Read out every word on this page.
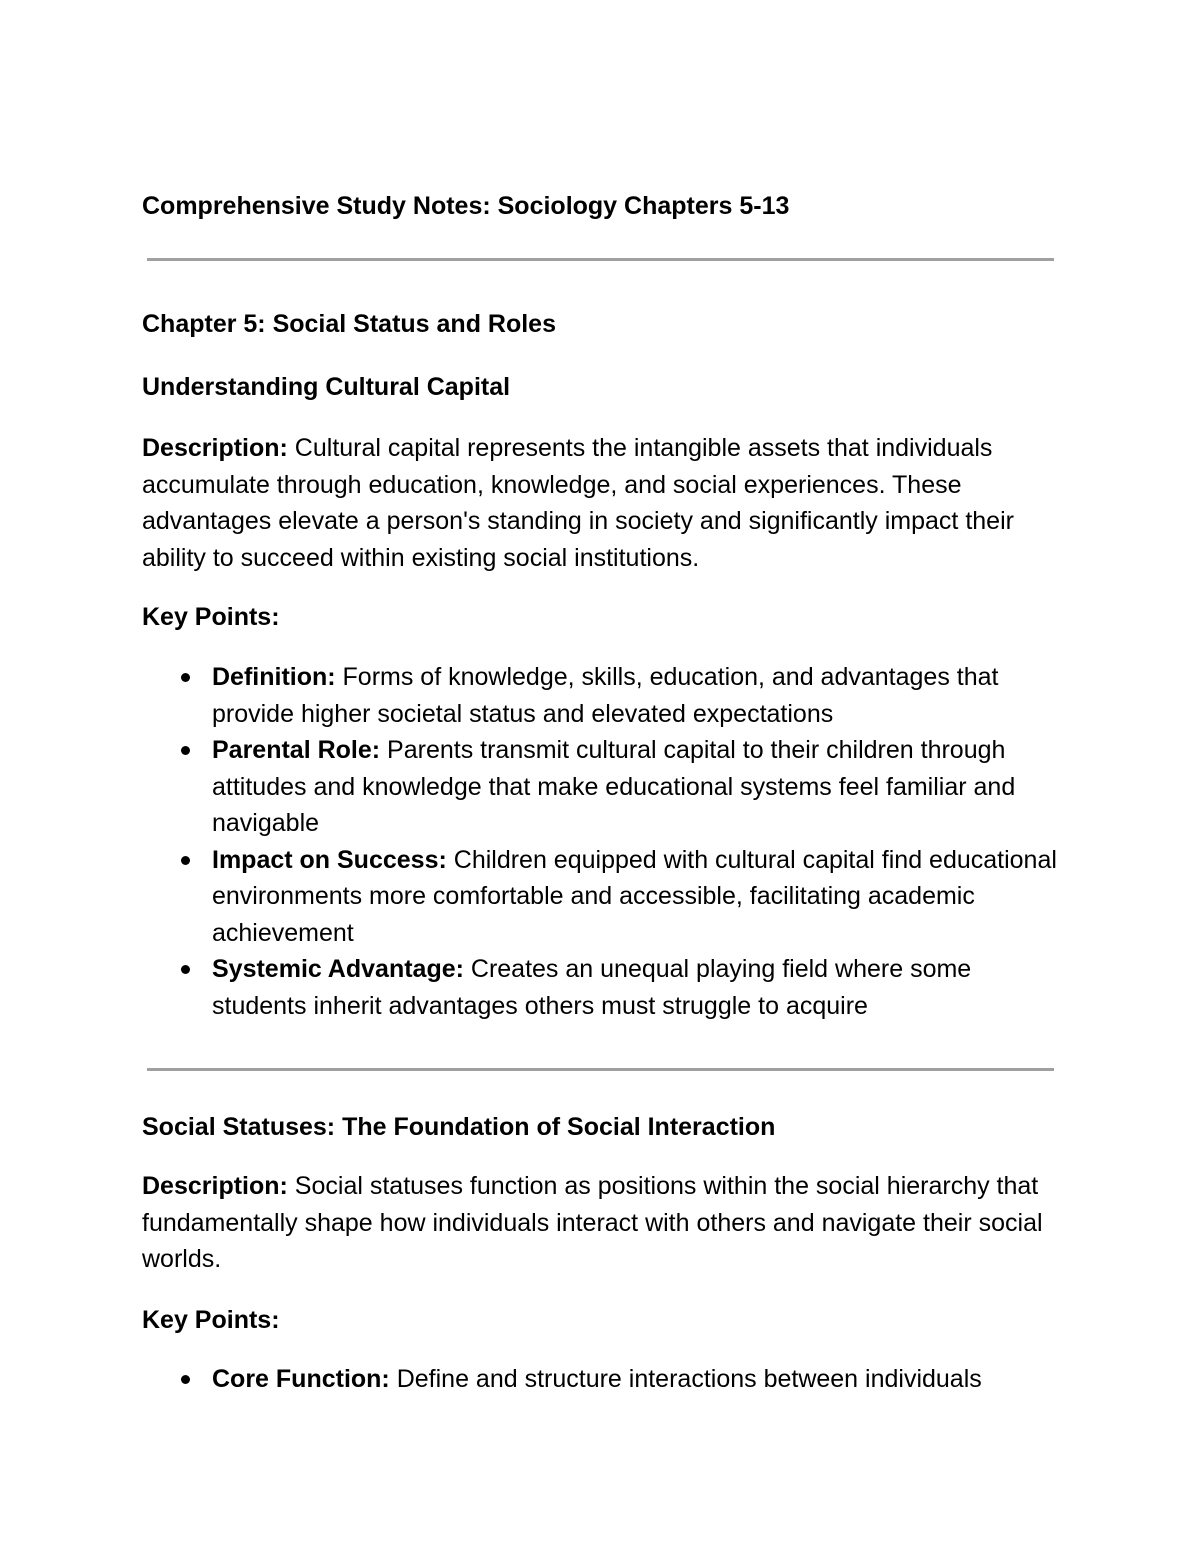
Comprehensive Study Notes: Sociology Chapters 5-13
Chapter 5: Social Status and Roles
Understanding Cultural Capital

Description: Cultural capital represents the intangible assets that individuals accumulate through education, knowledge, and social experiences. These advantages elevate a person's standing in society and significantly impact their ability to succeed within existing social institutions.

Key Points:
Definition: Forms of knowledge, skills, education, and advantages that provide higher societal status and elevated expectations
Parental Role: Parents transmit cultural capital to their children through attitudes and knowledge that make educational systems feel familiar and navigable
Impact on Success: Children equipped with cultural capital find educational environments more comfortable and accessible, facilitating academic achievement
Systemic Advantage: Creates an unequal playing field where some students inherit advantages others must struggle to acquire
Social Statuses: The Foundation of Social Interaction

Description: Social statuses function as positions within the social hierarchy that fundamentally shape how individuals interact with others and navigate their social worlds.

Key Points:
Core Function: Define and structure interactions between individuals
